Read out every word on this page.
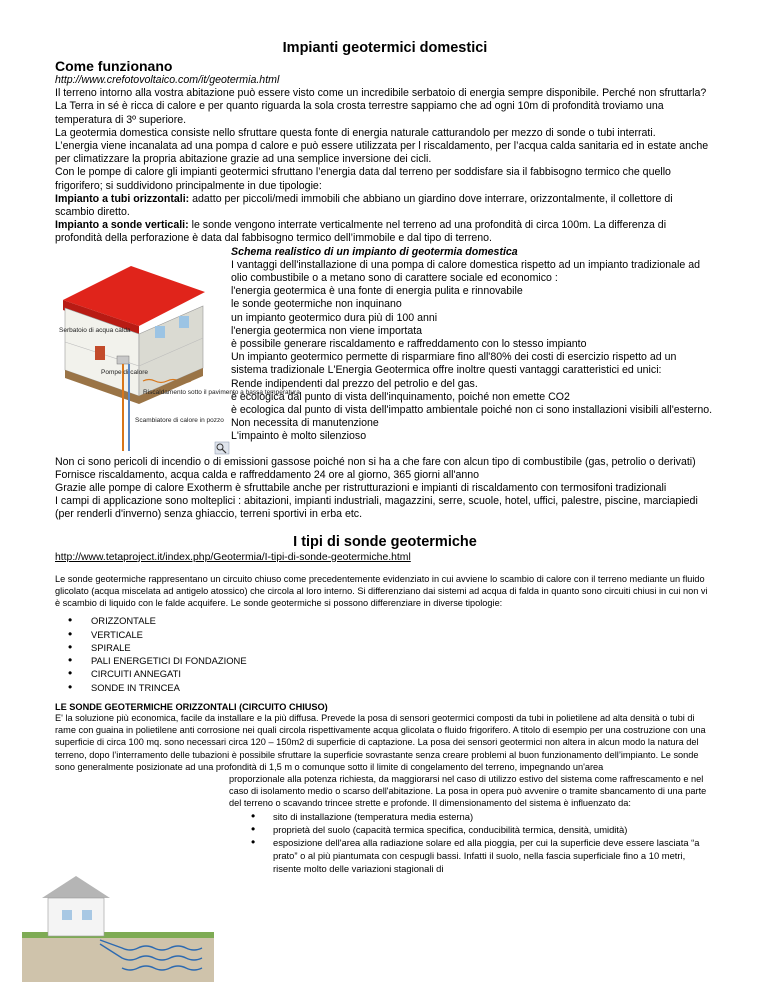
Impianti geotermici domestici
Come funzionano
http://www.crefotovoltaico.com/it/geotermia.html
Il terreno intorno alla vostra abitazione può essere visto come un incredibile serbatoio di energia sempre disponibile. Perché non sfruttarla?
La Terra in sé è ricca di calore e per quanto riguarda la sola crosta terrestre sappiamo che ad ogni 10m di profondità troviamo una temperatura di 3º superiore.
La geotermia domestica consiste nello sfruttare questa fonte di energia naturale catturandolo per mezzo di sonde o tubi interrati.
L’energia viene incanalata ad una pompa d calore e può essere utilizzata per l riscaldamento, per l’acqua calda sanitaria ed in estate anche per climatizzare la propria abitazione grazie ad una semplice inversione dei cicli.
Con le pompe di calore gli impianti geotermici sfruttano l’energia data dal terreno per soddisfare sia il fabbisogno termico che quello frigorifero; si suddividono principalmente in due tipologie:
Impianto a tubi orizzontali: adatto per piccoli/medi immobili che abbiano un giardino dove interrare, orizzontalmente, il collettore di scambio diretto.
Impianto a sonde verticali: le sonde vengono interrate verticalmente nel terreno ad una profondità di circa 100m. La differenza di profondità della perforazione è data dal fabbisogno termico dell’immobile e dal tipo di terreno.
Serbatoio di acqua calda
Pompe di calore
Riscaldamento sotto il pavimento a bassa temperatura
Scambiatore di calore in pozzo
Schema realistico di un impianto di geotermia domestica
I vantaggi dell'installazione di una pompa di calore domestica rispetto ad un impianto tradizionale ad olio combustibile o a metano sono di carattere sociale ed economico :
l'energia geotermica è una fonte di energia pulita e rinnovabile
le sonde geotermiche non inquinano
un impianto geotermico dura più di 100 anni
l'energia geotermica non viene importata
è possibile generare riscaldamento e raffreddamento con lo stesso impianto
Un impianto geotermico permette di risparmiare fino all'80% dei costi di esercizio rispetto ad un sistema tradizionale L'Energia Geotermica offre inoltre questi vantaggi caratteristici ed unici:
Rende indipendenti dal prezzo del petrolio e del gas.
è ecologica dal punto di vista dell'inquinamento, poiché non emette CO2
è ecologica dal punto di vista dell'impatto ambientale poiché non ci sono installazioni visibili all'esterno.
Non necessita di manutenzione
L'impainto è molto silenzioso
Non ci sono pericoli di incendio o di emissioni gassose poiché non si ha a che fare con alcun tipo di combustibile (gas, petrolio o derivati)
Fornisce riscaldamento, acqua calda e raffreddamento 24 ore al giorno, 365 giorni all'anno
Grazie alle pompe di calore Exotherm è sfruttabile anche per ristrutturazioni e impianti di riscaldamento con termosifoni tradizionali
I campi di applicazione sono molteplici : abitazioni, impianti industriali, magazzini, serre, scuole, hotel, uffici, palestre, piscine, marciapiedi (per renderli d'inverno) senza ghiaccio, terreni sportivi in erba etc.
I tipi di sonde geotermiche
http://www.tetaproject.it/index.php/Geotermia/I-tipi-di-sonde-geotermiche.html
Le sonde geotermiche rappresentano un circuito chiuso come precedentemente evidenziato in cui avviene lo scambio di calore con il terreno mediante un fluido glicolato (acqua miscelata ad antigelo atossico) che circola al loro interno. Si differenziano dai sistemi ad acqua di falda in quanto sono circuiti chiusi in cui non vi è scambio di liquido con le falde acquifere. Le sonde geotermiche si possono differenziare in diverse tipologie:
• ORIZZONTALE
• VERTICALE
• SPIRALE
• PALI ENERGETICI DI FONDAZIONE
• CIRCUITI ANNEGATI
• SONDE IN TRINCEA
LE SONDE GEOTERMICHE ORIZZONTALI (CIRCUITO CHIUSO)
E' la soluzione più economica, facile da installare e la più diffusa. Prevede la posa di sensori geotermici composti da tubi in polietilene ad alta densità o tubi di rame con guaina in polietilene anti corrosione nei quali circola rispettivamente acqua glicolata o fluido frigorifero. A titolo di esempio per una costruzione con una superficie di circa 100 mq. sono necessari circa 120 – 150m2 di superficie di captazione. La posa dei sensori geotermici non altera in alcun modo la natura del terreno, dopo l’interramento delle tubazioni è possibile sfruttare la superficie sovrastante senza creare problemi al buon funzionamento dell’impianto. Le sonde sono generalmente posizionate ad una profondità di 1,5 m o comunque sotto il limite di congelamento del terreno, impegnando un'area
proporzionale alla potenza richiesta, da maggiorarsi nel caso di utilizzo estivo del sistema come raffrescamento e nel caso di isolamento medio o scarso dell'abitazione. La posa in opera può avvenire o tramite sbancamento di una parte del terreno o scavando trincee strette e profonde. Il dimensionamento del sistema è influenzato da:
• sito di installazione (temperatura media esterna)
• proprietà del suolo (capacità termica specifica, conducibilità termica, densità, umidità)
• esposizione dell'area alla radiazione solare ed alla pioggia, per cui la superficie deve essere lasciata “a prato” o al più piantumata con cespugli bassi. Infatti il suolo, nella fascia superficiale fino a 10 metri, risente molto delle variazioni stagionali di
